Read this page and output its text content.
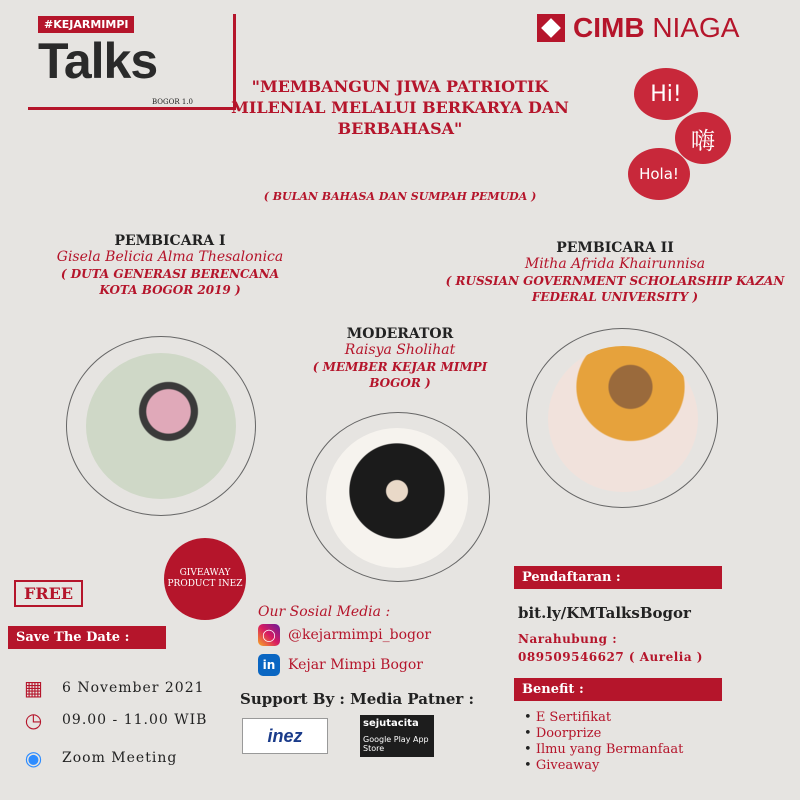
#KEJARMIMPI
Talks
BOGOR 1.0
CIMB NIAGA
Hi!
嗨
Hola!
"MEMBANGUN JIWA PATRIOTIK MILENIAL MELALUI BERKARYA DAN BERBAHASA"
( BULAN BAHASA DAN SUMPAH PEMUDA )
PEMBICARA I
Gisela Belicia Alma Thesalonica
( DUTA GENERASI BERENCANA KOTA BOGOR 2019 )
PEMBICARA II
Mitha Afrida Khairunnisa
( RUSSIAN GOVERNMENT SCHOLARSHIP KAZAN FEDERAL UNIVERSITY )
MODERATOR
Raisya Sholihat
( MEMBER KEJAR MIMPI BOGOR )
GIVEAWAY PRODUCT INEZ
FREE
Save The Date :
▦ 6 November 2021
◷ 09.00 - 11.00 WIB
◉ Zoom Meeting
Our Sosial Media :
◯ @kejarmimpi_bogor
in Kejar Mimpi Bogor
Support By : Media Patner :
inez
sejutacita
Google Play App Store
Pendaftaran :
bit.ly/KMTalksBogor
Narahubung :
089509546627 ( Aurelia )
Benefit :
• E Sertifikat
• Doorprize
• Ilmu yang Bermanfaat
• Giveaway
